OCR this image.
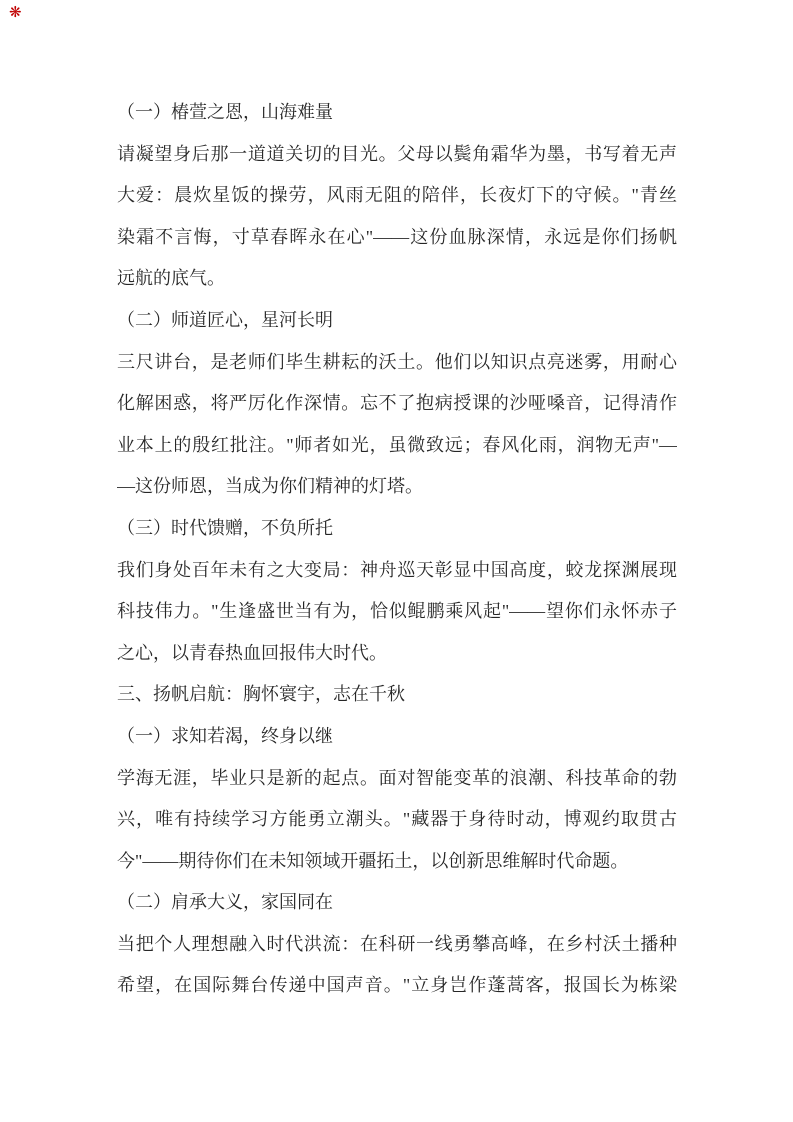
❋
（一）椿萱之恩，山海难量
请凝望身后那一道道关切的目光。父母以鬓角霜华为墨，书写着无声
大爱：晨炊星饭的操劳，风雨无阻的陪伴，长夜灯下的守候。"青丝
染霜不言悔，寸草春晖永在心"——这份血脉深情，永远是你们扬帆
远航的底气。
（二）师道匠心，星河长明
三尺讲台，是老师们毕生耕耘的沃土。他们以知识点亮迷雾，用耐心
化解困惑，将严厉化作深情。忘不了抱病授课的沙哑嗓音，记得清作
业本上的殷红批注。"师者如光，虽微致远；春风化雨，润物无声"—
—这份师恩，当成为你们精神的灯塔。
（三）时代馈赠，不负所托
我们身处百年未有之大变局：神舟巡天彰显中国高度，蛟龙探渊展现
科技伟力。"生逢盛世当有为，恰似鲲鹏乘风起"——望你们永怀赤子
之心，以青春热血回报伟大时代。
三、扬帆启航：胸怀寰宇，志在千秋
（一）求知若渴，终身以继
学海无涯，毕业只是新的起点。面对智能变革的浪潮、科技革命的勃
兴，唯有持续学习方能勇立潮头。"藏器于身待时动，博观约取贯古
今"——期待你们在未知领域开疆拓土，以创新思维解时代命题。
（二）肩承大义，家国同在
当把个人理想融入时代洪流：在科研一线勇攀高峰，在乡村沃土播种
希望，在国际舞台传递中国声音。"立身岂作蓬蒿客，报国长为栋梁
